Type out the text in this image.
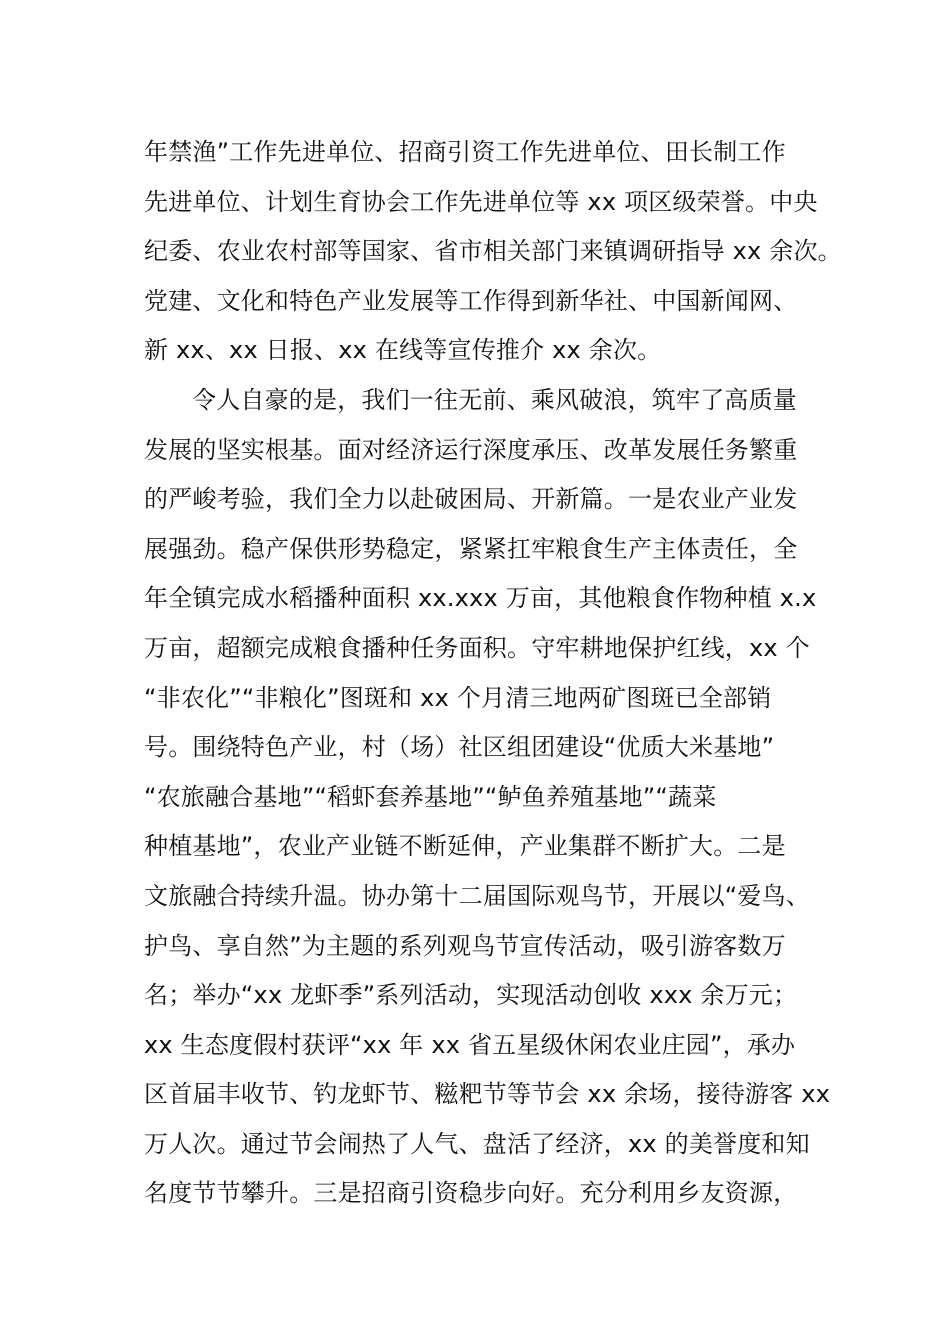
年禁渔”工作先进单位、招商引资工作先进单位、田长制工作
先进单位、计划生育协会工作先进单位等 xx 项区级荣誉。中央
纪委、农业农村部等国家、省市相关部门来镇调研指导 xx 余次。
党建、文化和特色产业发展等工作得到新华社、中国新闻网、
新 xx、xx 日报、xx 在线等宣传推介 xx 余次。
令人自豪的是，我们一往无前、乘风破浪，筑牢了高质量
发展的坚实根基。面对经济运行深度承压、改革发展任务繁重
的严峻考验，我们全力以赴破困局、开新篇。一是农业产业发
展强劲。稳产保供形势稳定，紧紧扛牢粮食生产主体责任，全
年全镇完成水稻播种面积 xx.xxx 万亩，其他粮食作物种植 x.x
万亩，超额完成粮食播种任务面积。守牢耕地保护红线，xx 个
“非农化”“非粮化”图斑和 xx 个月清三地两矿图斑已全部销
号。围绕特色产业，村（场）社区组团建设“优质大米基地”
“农旅融合基地”“稻虾套养基地”“鲈鱼养殖基地”“蔬菜
种植基地”，农业产业链不断延伸，产业集群不断扩大。二是
文旅融合持续升温。协办第十二届国际观鸟节，开展以“爱鸟、
护鸟、享自然”为主题的系列观鸟节宣传活动，吸引游客数万
名；举办“xx 龙虾季”系列活动，实现活动创收 xxx 余万元；
xx 生态度假村获评“xx 年 xx 省五星级休闲农业庄园”，承办
区首届丰收节、钓龙虾节、糍粑节等节会 xx 余场，接待游客 xx
万人次。通过节会闹热了人气、盘活了经济，xx 的美誉度和知
名度节节攀升。三是招商引资稳步向好。充分利用乡友资源，
